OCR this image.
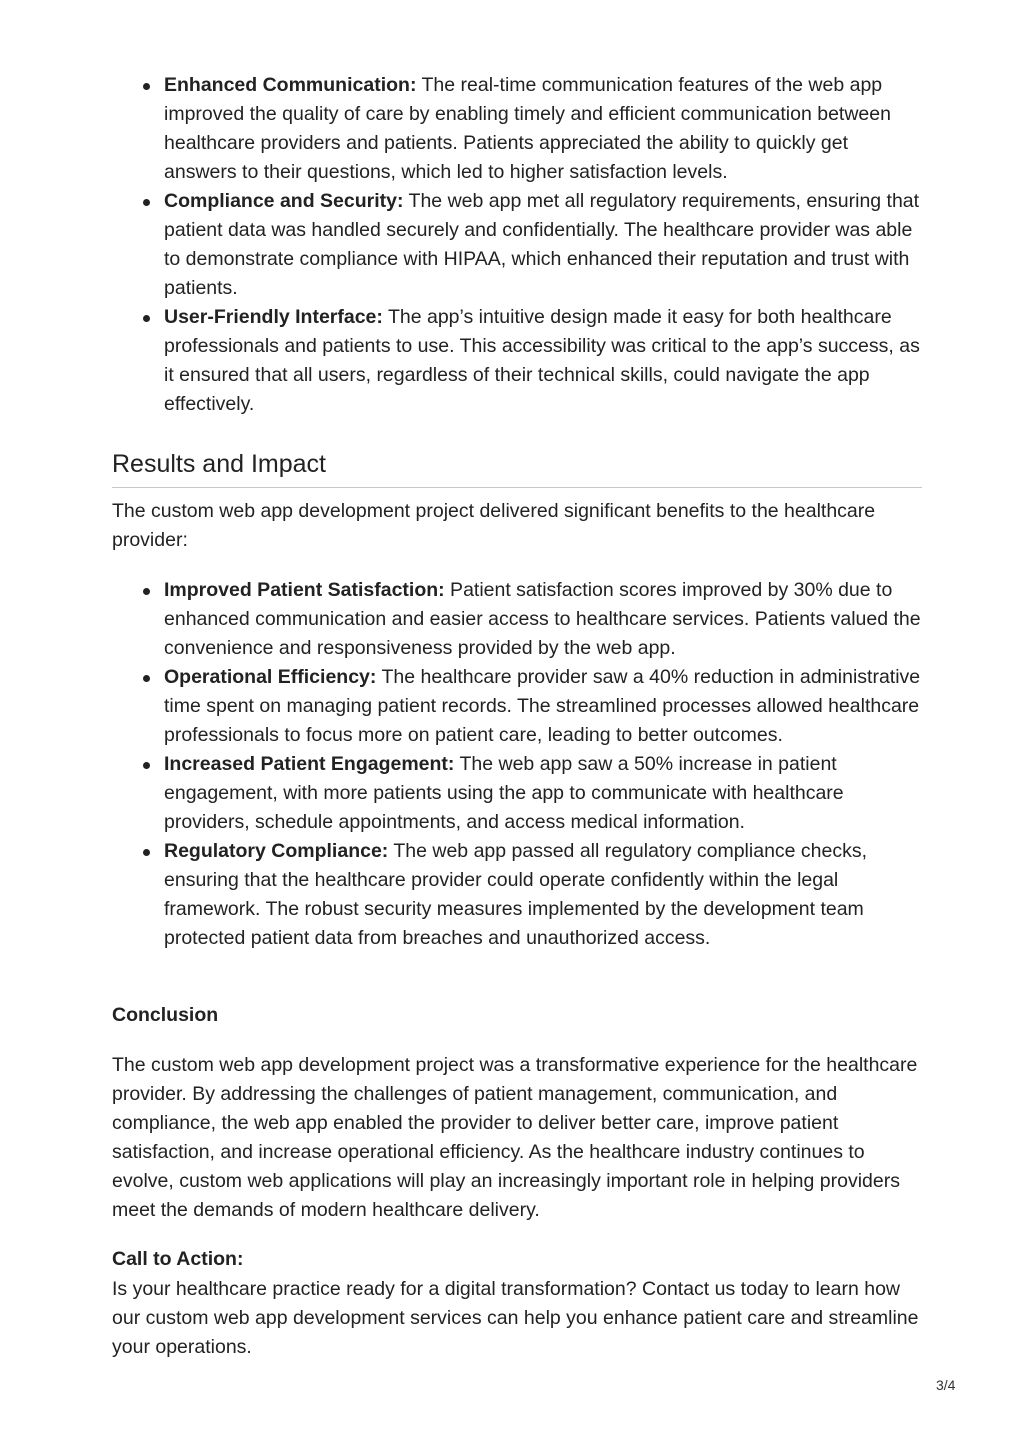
Enhanced Communication: The real-time communication features of the web app improved the quality of care by enabling timely and efficient communication between healthcare providers and patients. Patients appreciated the ability to quickly get answers to their questions, which led to higher satisfaction levels.
Compliance and Security: The web app met all regulatory requirements, ensuring that patient data was handled securely and confidentially. The healthcare provider was able to demonstrate compliance with HIPAA, which enhanced their reputation and trust with patients.
User-Friendly Interface: The app’s intuitive design made it easy for both healthcare professionals and patients to use. This accessibility was critical to the app’s success, as it ensured that all users, regardless of their technical skills, could navigate the app effectively.
Results and Impact

The custom web app development project delivered significant benefits to the healthcare provider:

Improved Patient Satisfaction: Patient satisfaction scores improved by 30% due to enhanced communication and easier access to healthcare services. Patients valued the convenience and responsiveness provided by the web app.
Operational Efficiency: The healthcare provider saw a 40% reduction in administrative time spent on managing patient records. The streamlined processes allowed healthcare professionals to focus more on patient care, leading to better outcomes.
Increased Patient Engagement: The web app saw a 50% increase in patient engagement, with more patients using the app to communicate with healthcare providers, schedule appointments, and access medical information.
Regulatory Compliance: The web app passed all regulatory compliance checks, ensuring that the healthcare provider could operate confidently within the legal framework. The robust security measures implemented by the development team protected patient data from breaches and unauthorized access.

Conclusion

The custom web app development project was a transformative experience for the healthcare provider. By addressing the challenges of patient management, communication, and compliance, the web app enabled the provider to deliver better care, improve patient satisfaction, and increase operational efficiency. As the healthcare industry continues to evolve, custom web applications will play an increasingly important role in helping providers meet the demands of modern healthcare delivery.

Call to Action:

Is your healthcare practice ready for a digital transformation? Contact us today to learn how our custom web app development services can help you enhance patient care and streamline your operations.

3/4
